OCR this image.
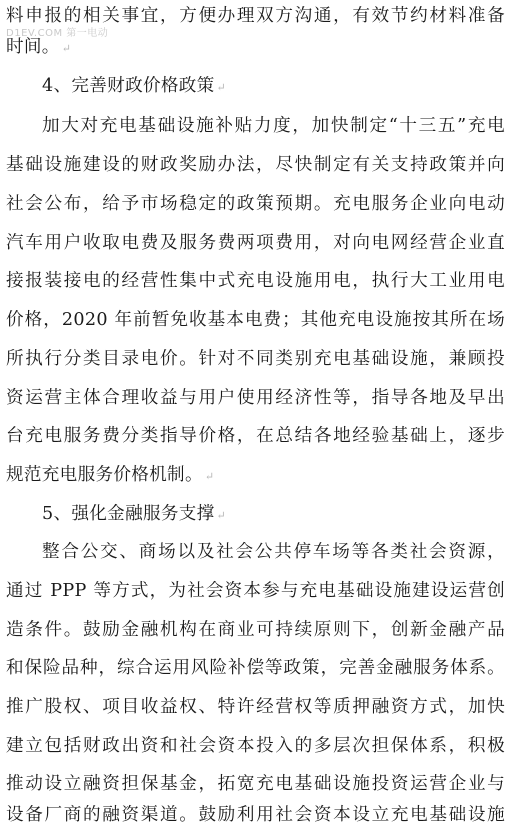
料申报的相关事宜，方便办理双方沟通，有效节约材料准备
D1EV.COM 第一电动
时间。 ↵
4、完善财政价格政策 ↵
加大对充电基础设施补贴力度，加快制定“十三五”充电
基础设施建设的财政奖励办法，尽快制定有关支持政策并向
社会公布，给予市场稳定的政策预期。充电服务企业向电动
汽车用户收取电费及服务费两项费用，对向电网经营企业直
接报装接电的经营性集中式充电设施用电，执行大工业用电
价格，2020 年前暂免收基本电费；其他充电设施按其所在场
所执行分类目录电价。针对不同类别充电基础设施，兼顾投
资运营主体合理收益与用户使用经济性等，指导各地及早出
台充电服务费分类指导价格，在总结各地经验基础上，逐步
规范充电服务价格机制。 ↵
5、强化金融服务支撑 ↵
整合公交、商场以及社会公共停车场等各类社会资源，
通过 PPP 等方式，为社会资本参与充电基础设施建设运营创
造条件。鼓励金融机构在商业可持续原则下，创新金融产品
和保险品种，综合运用风险补偿等政策，完善金融服务体系。
推广股权、项目收益权、特许经营权等质押融资方式，加快
建立包括财政出资和社会资本投入的多层次担保体系，积极
推动设立融资担保基金，拓宽充电基础设施投资运营企业与
设备厂商的融资渠道。鼓励利用社会资本设立充电基础设施
